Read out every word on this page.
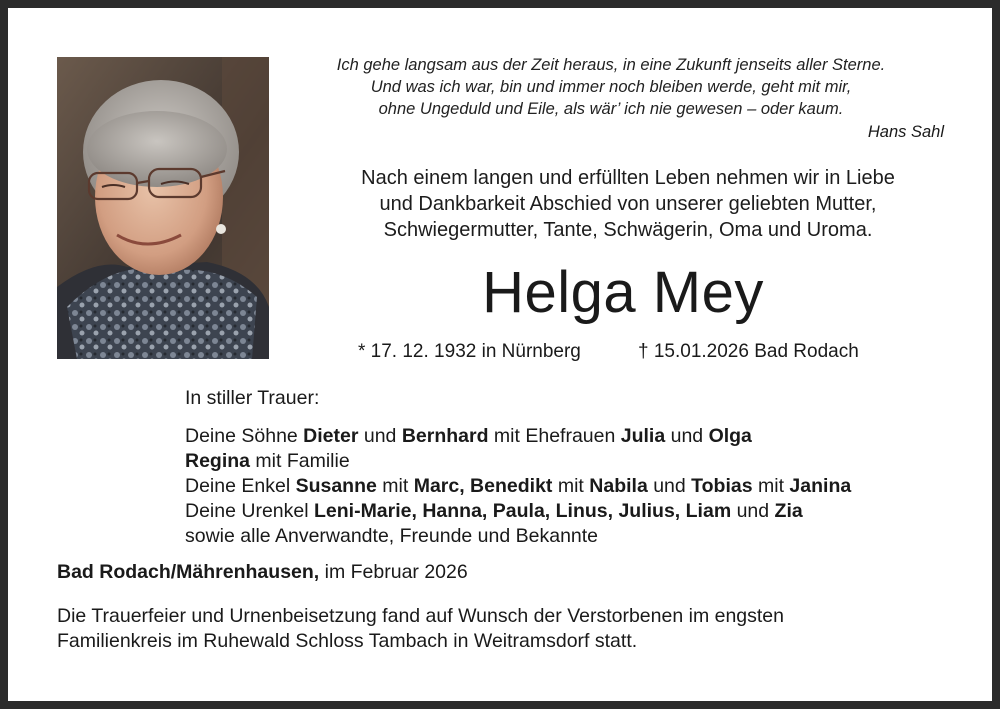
Ich gehe langsam aus der Zeit heraus, in eine Zukunft jenseits aller Sterne.
Und was ich war, bin und immer noch bleiben werde, geht mit mir,
ohne Ungeduld und Eile, als wär’ ich nie gewesen – oder kaum.
Hans Sahl
Nach einem langen und erfüllten Leben nehmen wir in Liebe
und Dankbarkeit Abschied von unserer geliebten Mutter,
Schwiegermutter, Tante, Schwägerin, Oma und Uroma.
Helga Mey
* 17. 12. 1932 in Nürnberg	† 15.01.2026 Bad Rodach
In stiller Trauer:
Deine Söhne Dieter und Bernhard mit Ehefrauen Julia und Olga
Regina mit Familie
Deine Enkel Susanne mit Marc, Benedikt mit Nabila und Tobias mit Janina
Deine Urenkel Leni-Marie, Hanna, Paula, Linus, Julius, Liam und Zia
sowie alle Anverwandte, Freunde und Bekannte
Bad Rodach/Mährenhausen, im Februar 2026
Die Trauerfeier und Urnenbeisetzung fand auf Wunsch der Verstorbenen im engsten
Familienkreis im Ruhewald Schloss Tambach in Weitramsdorf statt.
